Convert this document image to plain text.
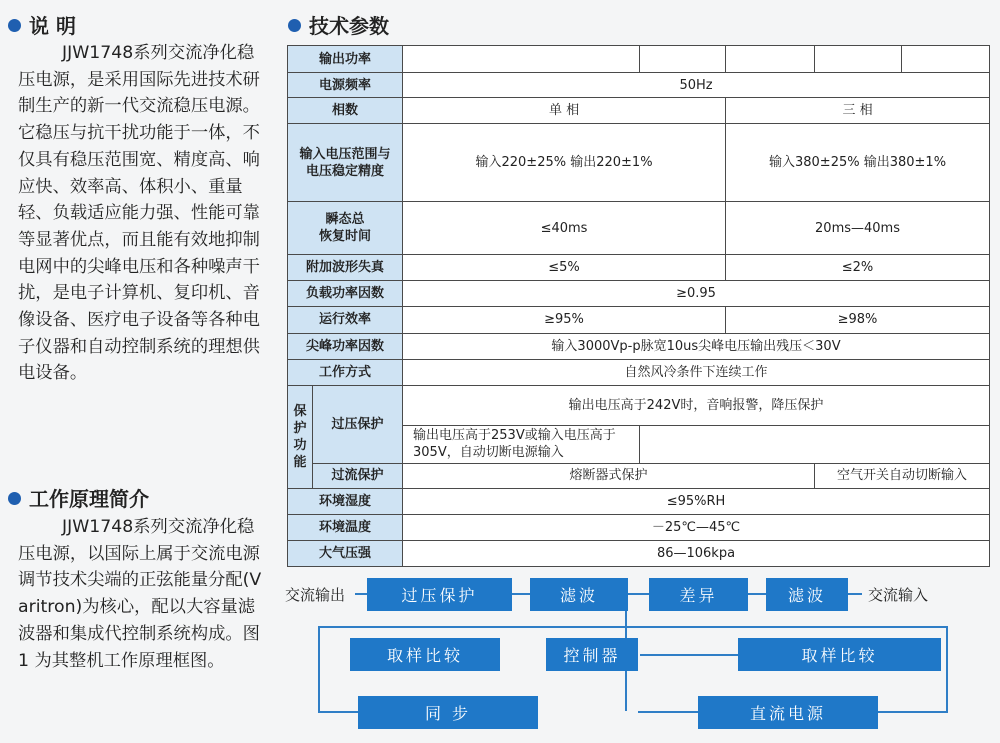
说 明
JJW1748系列交流净化稳压电源，是采用国际先进技术研制生产的新一代交流稳压电源。它稳压与抗干扰功能于一体，不仅具有稳压范围宽、精度高、响应快、效率高、体积小、重量轻、负载适应能力强、性能可靠等显著优点，而且能有效地抑制电网中的尖峰电压和各种噪声干扰，是电子计算机、复印机、音像设备、医疗电子设备等各种电子仪器和自动控制系统的理想供电设备。
工作原理简介
JJW1748系列交流净化稳压电源，以国际上属于交流电源调节技术尖端的正弦能量分配(Varitron)为核心，配以大容量滤波器和集成代控制系统构成。图1 为其整机工作原理框图。
技术参数
输出功率						
电源频率		50Hz				
相数		单 相		三 相		

输入电压范围与
电压稳定精度		输入220±25% 输出220±1%		输入380±25% 输出380±1%		

瞬态总
恢复时间		≤40ms		20ms—40ms		
附加波形失真		≤5%		≤2%		
负载功率因数		≥0.95				
运行效率		≥95%		≥98%		
尖峰功率因数		输入3000Vp-p脉宽10us尖峰电压输出残压＜30V				
工作方式		自然风冷条件下连续工作				

保
护
功
能	过压保护	输出电压高于242V时，音响报警，降压保护				

		输出电压高于253V或输入电压高于
305V，自动切断电源输入				

	过流保护	熔断器式保护			空气开关自动切断输入	
环境湿度		≤95%RH				
环境温度		－25℃—45℃				
大气压强		86—106kpa				
交流输出	过压保护	滤波	差异	滤波	交流输入
取样比较	控制器	取样比较
同 步	直流电源
